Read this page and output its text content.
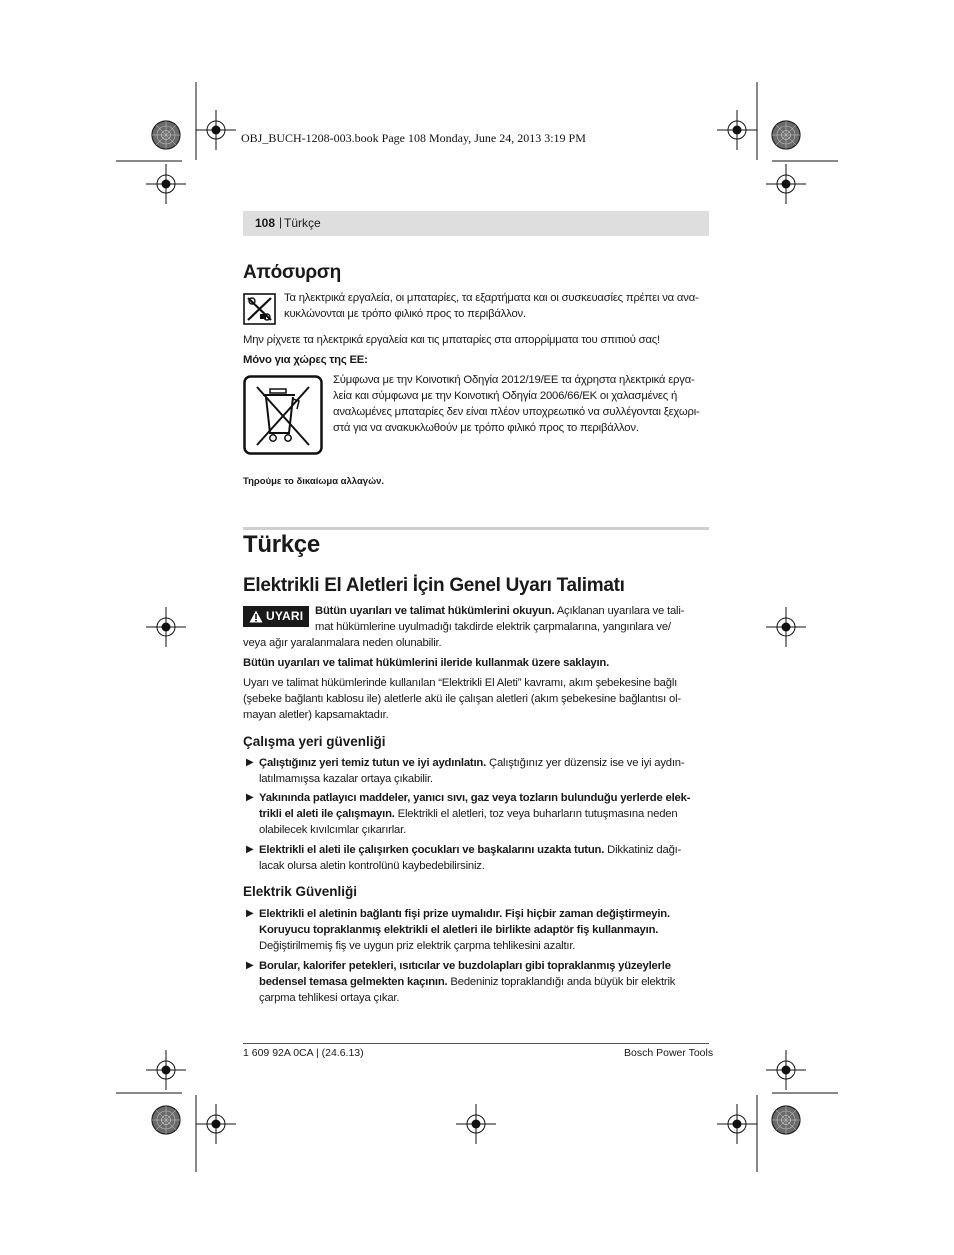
OBJ_BUCH-1208-003.book Page 108 Monday, June 24, 2013 3:19 PM
108 | Türkçe
Απόσυρση
Τα ηλεκτρικά εργαλεία, οι μπαταρίες, τα εξαρτήματα και οι συσκευασίες πρέπει να ανα-
κυκλώνονται με τρόπο φιλικό προς το περιβάλλον.
Μην ρίχνετε τα ηλεκτρικά εργαλεία και τις μπαταρίες στα απορρίμματα του σπιτιού σας!
Μόνο για χώρες της ΕΕ:
Σύμφωνα με την Κοινοτική Οδηγία 2012/19/ΕΕ τα άχρηστα ηλεκτρικά εργα-
λεία και σύμφωνα με την Κοινοτική Οδηγία 2006/66/ΕΚ οι χαλασμένες ή
αναλωμένες μπαταρίες δεν είναι πλέον υποχρεωτικό να συλλέγονται ξεχωρι-
στά για να ανακυκλωθούν με τρόπο φιλικό προς το περιβάλλον.
Τηρούμε το δικαίωμα αλλαγών.
Türkçe
Elektrikli El Aletleri İçin Genel Uyarı Talimatı
UYARI Bütün uyarıları ve talimat hükümlerini okuyun. Açıklanan uyarılara ve tali-
mat hükümlerine uyulmadığı takdirde elektrik çarpmalarına, yangınlara ve/
veya ağır yaralanmalara neden olunabilir.
Bütün uyarıları ve talimat hükümlerini ileride kullanmak üzere saklayın.
Uyarı ve talimat hükümlerinde kullanılan “Elektrikli El Aleti” kavramı, akım şebekesine bağlı
(şebeke bağlantı kablosu ile) aletlerle akü ile çalışan aletleri (akım şebekesine bağlantısı ol-
mayan aletler) kapsamaktadır.
Çalışma yeri güvenliği
▶ Çalıştığınız yeri temiz tutun ve iyi aydınlatın. Çalıştığınız yer düzensiz ise ve iyi aydın-
latılmamışsa kazalar ortaya çıkabilir.
▶ Yakınında patlayıcı maddeler, yanıcı sıvı, gaz veya tozların bulunduğu yerlerde elek-
trikli el aleti ile çalışmayın. Elektrikli el aletleri, toz veya buharların tutuşmasına neden
olabilecek kıvılcımlar çıkarırlar.
▶ Elektrikli el aleti ile çalışırken çocukları ve başkalarını uzakta tutun. Dikkatiniz dağı-
lacak olursa aletin kontrolünü kaybedebilirsiniz.
Elektrik Güvenliği
▶ Elektrikli el aletinin bağlantı fişi prize uymalıdır. Fişi hiçbir zaman değiştirmeyin.
Koruyucu topraklanmış elektrikli el aletleri ile birlikte adaptör fiş kullanmayın.
Değiştirilmemiş fiş ve uygun priz elektrik çarpma tehlikesini azaltır.
▶ Borular, kalorifer petekleri, ısıtıcılar ve buzdolapları gibi topraklanmış yüzeylerle
bedensel temasa gelmekten kaçının. Bedeniniz topraklandığı anda büyük bir elektrik
çarpma tehlikesi ortaya çıkar.
1 609 92A 0CA | (24.6.13)	Bosch Power Tools
